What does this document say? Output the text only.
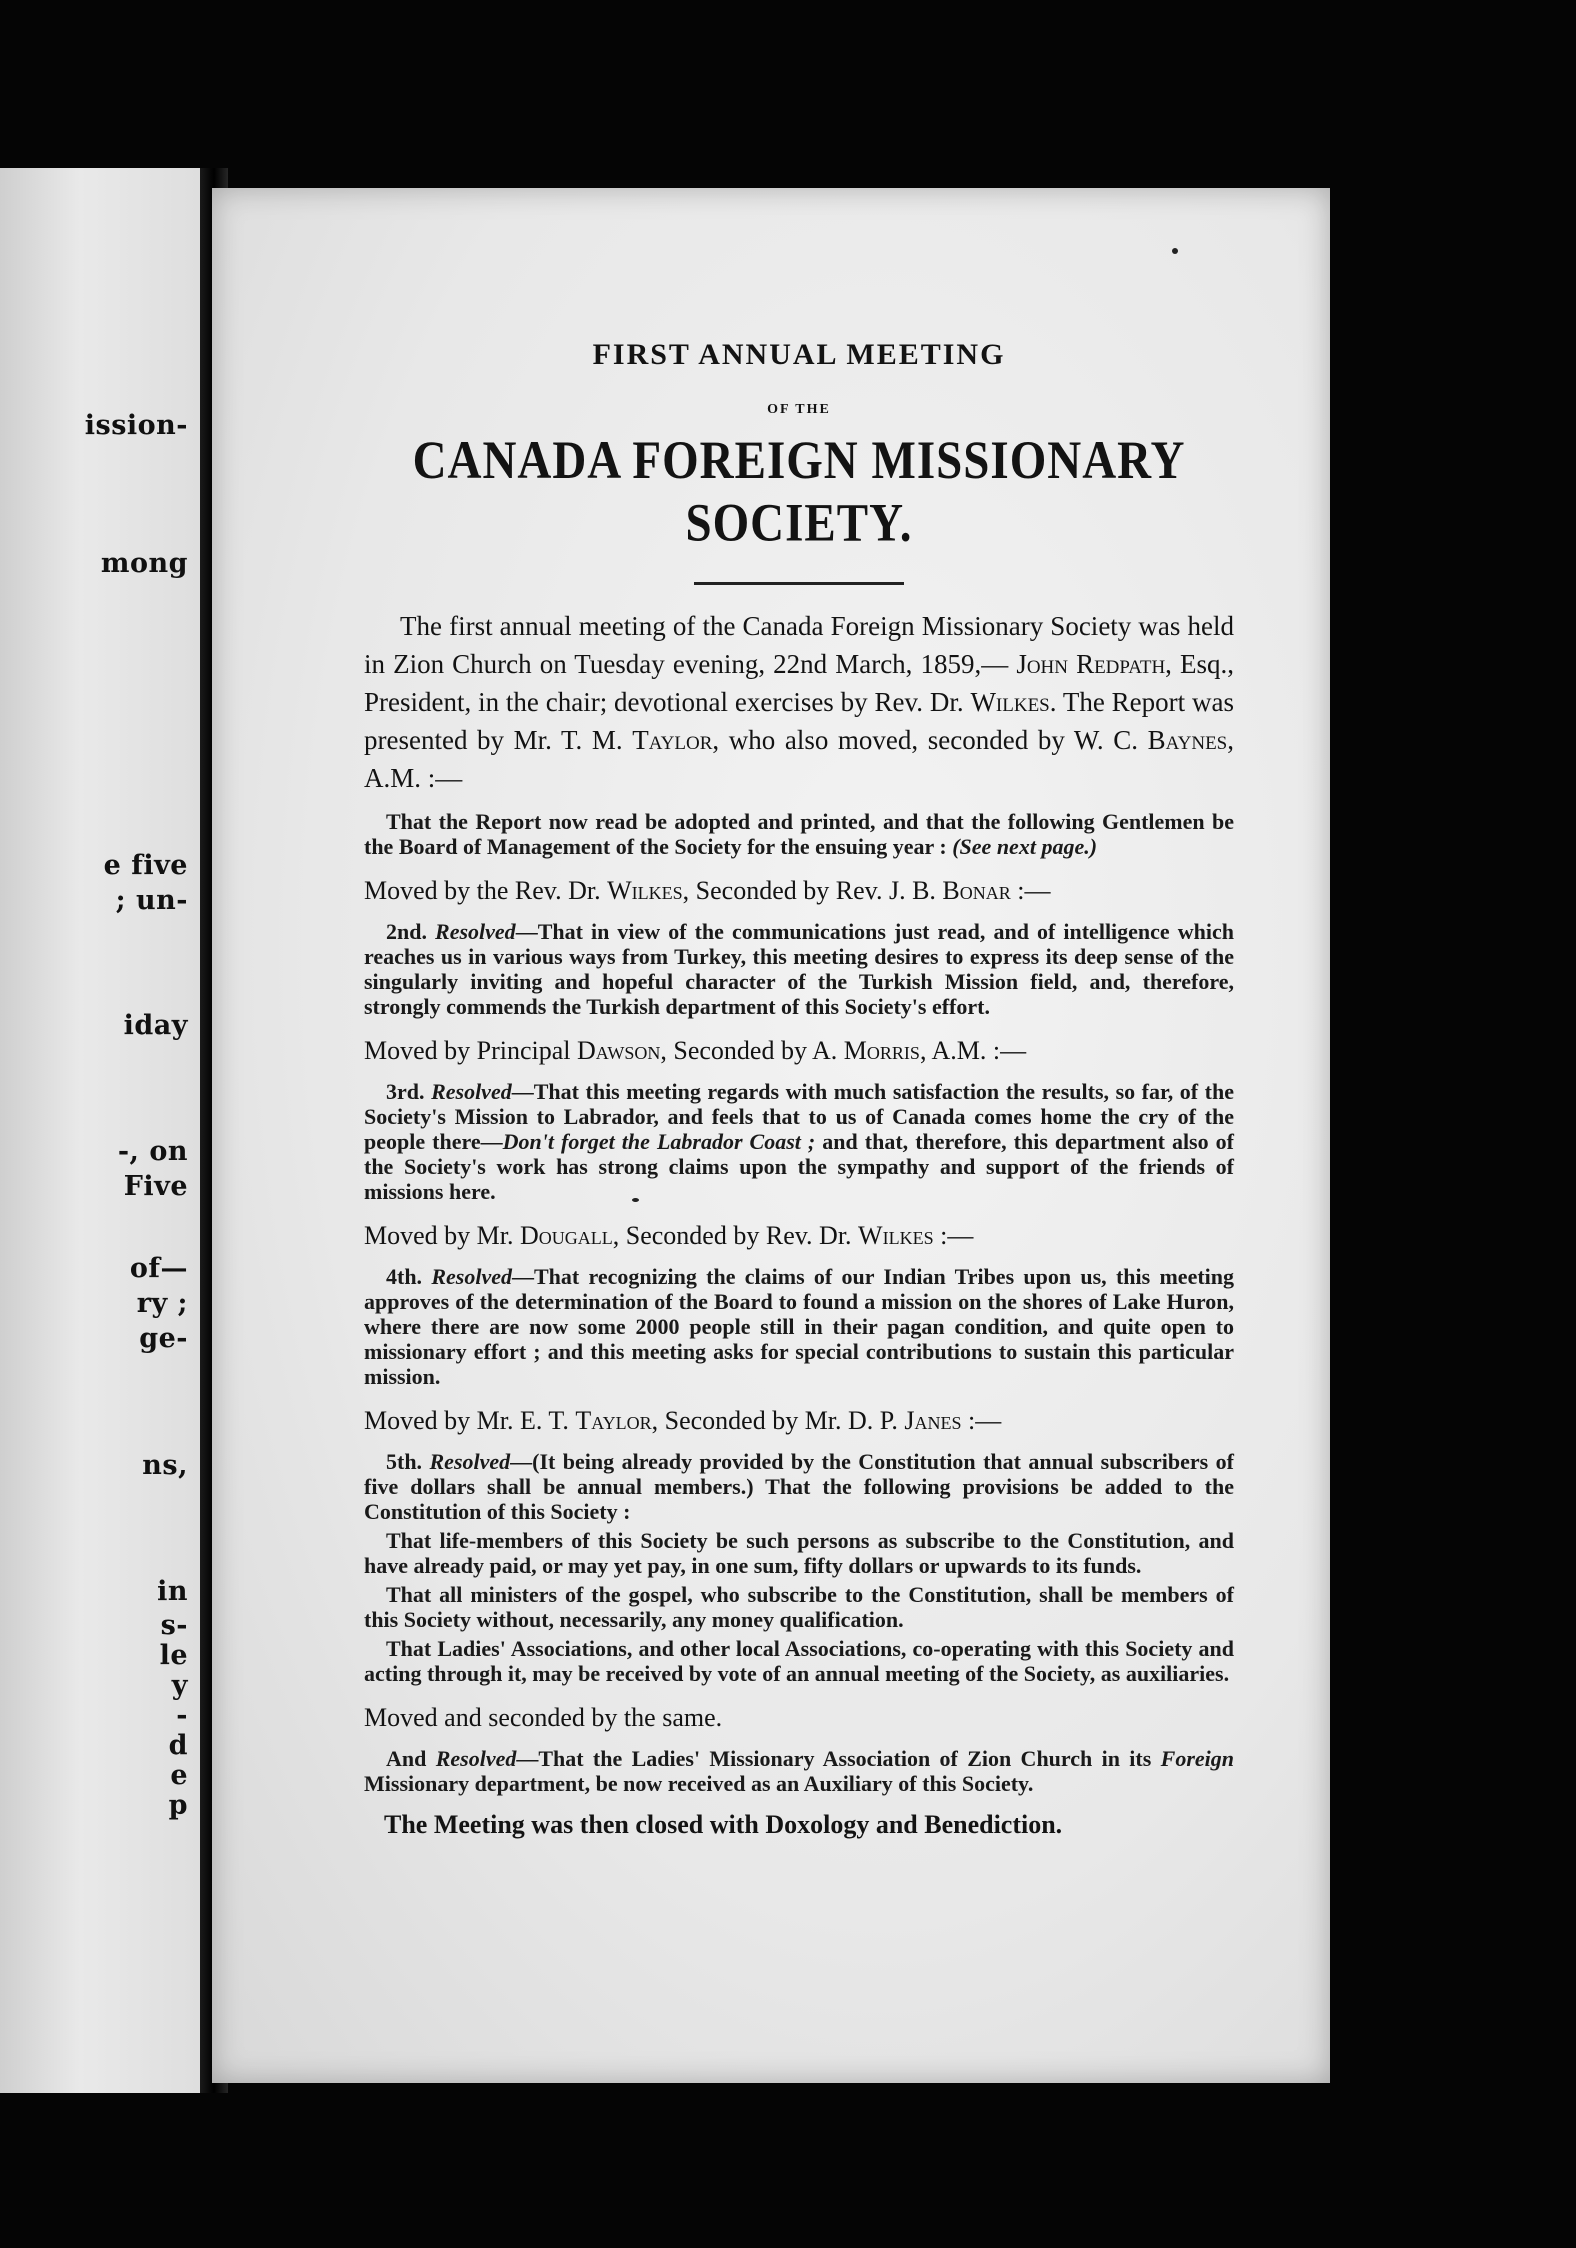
ission-
mong
e five
; un-
iday
-, on
Five
of—
ry ;
ge-
ns,
in
s-
le
y
-
d
e
p

FIRST ANNUAL MEETING

OF THE

CANADA FOREIGN MISSIONARY SOCIETY.

The first annual meeting of the Canada Foreign Missionary Society was held in Zion Church on Tuesday evening, 22nd March, 1859,— John Redpath, Esq., President, in the chair; devotional exercises by Rev. Dr. Wilkes. The Report was presented by Mr. T. M. Taylor, who also moved, seconded by W. C. Baynes, A.M. :—

That the Report now read be adopted and printed, and that the following Gentlemen be the Board of Management of the Society for the ensuing year : (See next page.)

Moved by the Rev. Dr. Wilkes, Seconded by Rev. J. B. Bonar :—

2nd. Resolved—That in view of the communications just read, and of intelligence which reaches us in various ways from Turkey, this meeting desires to express its deep sense of the singularly inviting and hopeful character of the Turkish Mission field, and, therefore, strongly commends the Turkish department of this Society's effort.

Moved by Principal Dawson, Seconded by A. Morris, A.M. :—

3rd. Resolved—That this meeting regards with much satisfaction the results, so far, of the Society's Mission to Labrador, and feels that to us of Canada comes home the cry of the people there—Don't forget the Labrador Coast ; and that, therefore, this department also of the Society's work has strong claims upon the sympathy and support of the friends of missions here.

Moved by Mr. Dougall, Seconded by Rev. Dr. Wilkes :—

4th. Resolved—That recognizing the claims of our Indian Tribes upon us, this meeting approves of the determination of the Board to found a mission on the shores of Lake Huron, where there are now some 2000 people still in their pagan condition, and quite open to missionary effort ; and this meeting asks for special contributions to sustain this particular mission.

Moved by Mr. E. T. Taylor, Seconded by Mr. D. P. Janes :—

5th. Resolved—(It being already provided by the Constitution that annual subscribers of five dollars shall be annual members.) That the following provisions be added to the Constitution of this Society :

That life-members of this Society be such persons as subscribe to the Constitution, and have already paid, or may yet pay, in one sum, fifty dollars or upwards to its funds.

That all ministers of the gospel, who subscribe to the Constitution, shall be members of this Society without, necessarily, any money qualification.

That Ladies' Associations, and other local Associations, co-operating with this Society and acting through it, may be received by vote of an annual meeting of the Society, as auxiliaries.

Moved and seconded by the same.

And Resolved—That the Ladies' Missionary Association of Zion Church in its Foreign Missionary department, be now received as an Auxiliary of this Society.

The Meeting was then closed with Doxology and Benediction.
